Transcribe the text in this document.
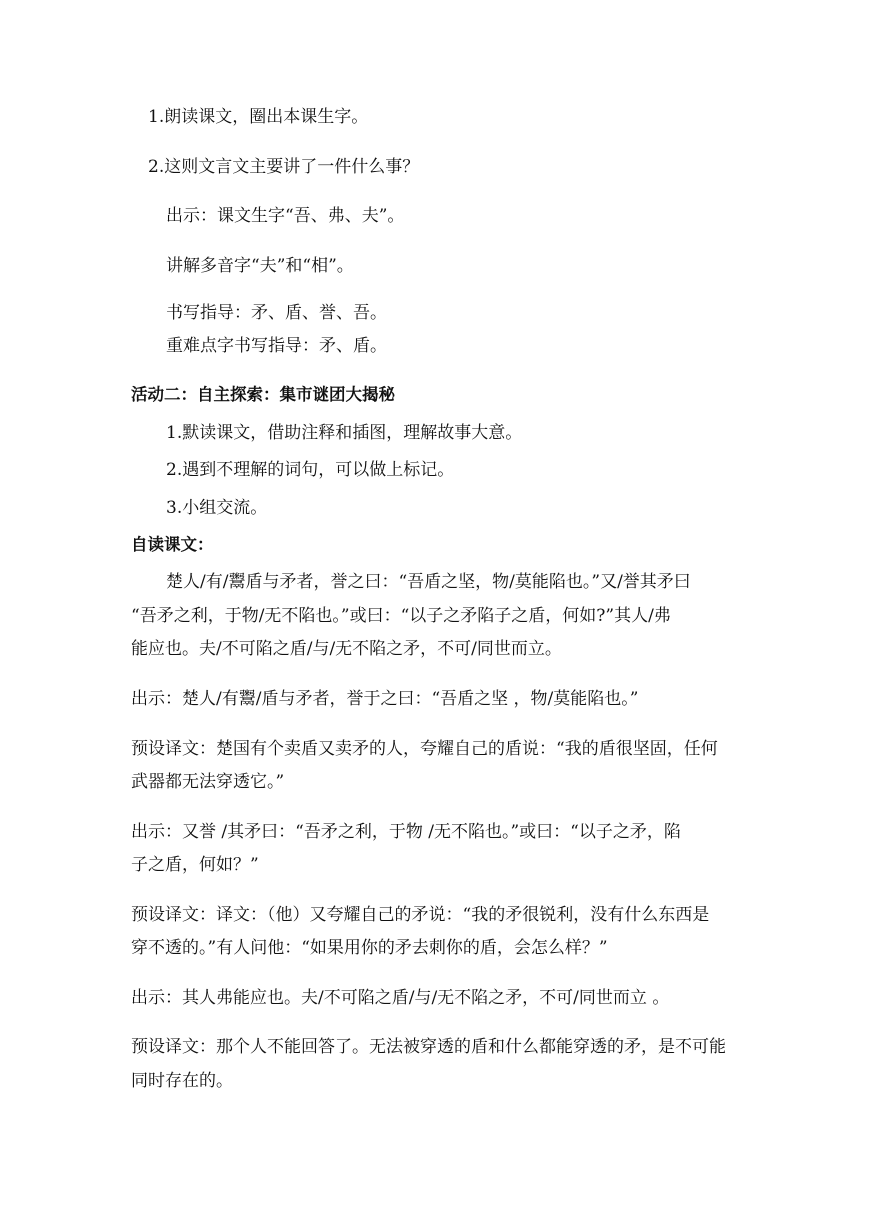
1.朗读课文，圈出本课生字。
2.这则文言文主要讲了一件什么事？
出示：课文生字“吾、弗、夫”。
讲解多音字“夫”和“相”。
书写指导：矛、盾、誉、吾。
重难点字书写指导：矛、盾。
活动二：自主探索：集市谜团大揭秘
1.默读课文，借助注释和插图，理解故事大意。
2.遇到不理解的词句，可以做上标记。
3.小组交流。
自读课文：
楚人/有/鬻盾与矛者，誉之曰：“吾盾之坚，物/莫能陷也。”又/誉其矛曰
“吾矛之利，于物/无不陷也。”或曰：“以子之矛陷子之盾，何如?”其人/弗
能应也。夫/不可陷之盾/与/无不陷之矛，不可/同世而立。
出示：楚人/有鬻/盾与矛者，誉于之曰：“吾盾之坚 ，物/莫能陷也。”
预设译文：楚国有个卖盾又卖矛的人，夸耀自己的盾说：“我的盾很坚固，任何
武器都无法穿透它。”
出示：又誉 /其矛曰：“吾矛之利，于物 /无不陷也。”或曰：“以子之矛，陷
子之盾，何如？”
预设译文：译文：（他）又夸耀自己的矛说：“我的矛很锐利，没有什么东西是
穿不透的。”有人问他：“如果用你的矛去刺你的盾，会怎么样？”
出示：其人弗能应也。夫/不可陷之盾/与/无不陷之矛，不可/同世而立 。
预设译文：那个人不能回答了。无法被穿透的盾和什么都能穿透的矛，是不可能
同时存在的。
